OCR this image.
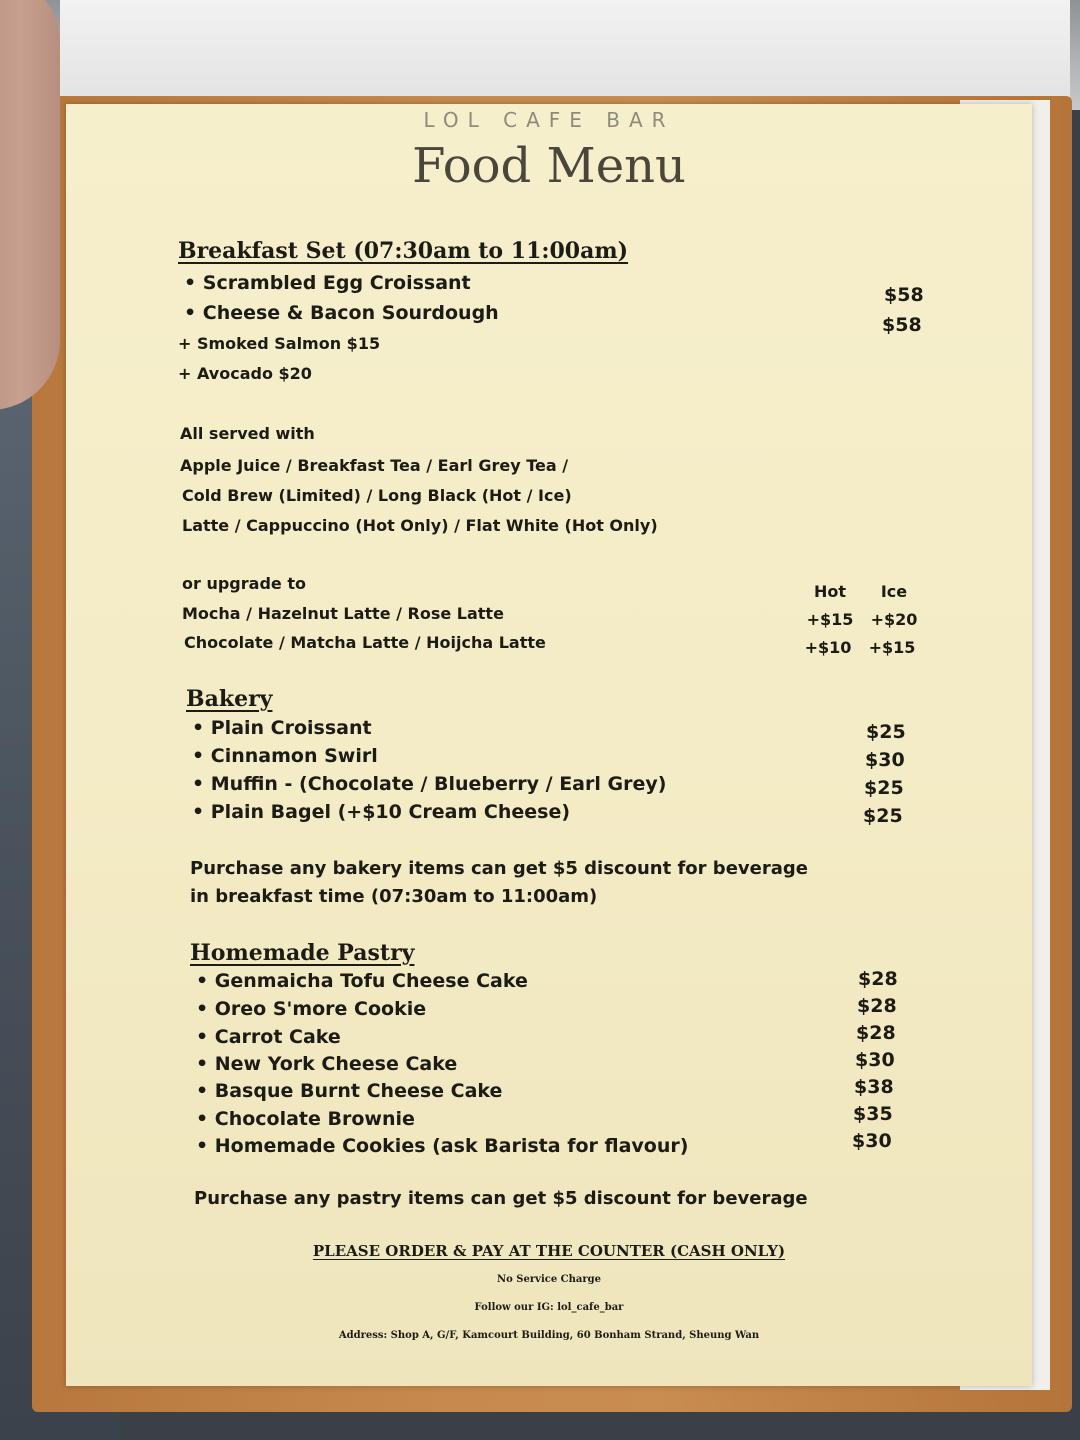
LOL CAFE BAR
Food Menu
Breakfast Set (07:30am to 11:00am)
• Scrambled Egg Croissant
$58
• Cheese & Bacon Sourdough
$58
+ Smoked Salmon $15
+ Avocado $20
All served with
Apple Juice / Breakfast Tea / Earl Grey Tea /
Cold Brew (Limited) / Long Black (Hot / Ice)
Latte / Cappuccino (Hot Only) / Flat White (Hot Only)
or upgrade to	Hot	Ice
Mocha / Hazelnut Latte / Rose Latte	+$15	+$20
Chocolate / Matcha Latte / Hoijcha Latte	+$10	+$15
Bakery
• Plain Croissant	$25
• Cinnamon Swirl	$30
• Muffin - (Chocolate / Blueberry / Earl Grey)	$25
• Plain Bagel (+$10 Cream Cheese)	$25
Purchase any bakery items can get $5 discount for beverage
in breakfast time (07:30am to 11:00am)
Homemade Pastry
• Genmaicha Tofu Cheese Cake	$28
• Oreo S'more Cookie	$28
• Carrot Cake	$28
• New York Cheese Cake	$30
• Basque Burnt Cheese Cake	$38
• Chocolate Brownie	$35
• Homemade Cookies (ask Barista for flavour)	$30
Purchase any pastry items can get $5 discount for beverage
PLEASE ORDER & PAY AT THE COUNTER (CASH ONLY)
No Service Charge
Follow our IG: lol_cafe_bar
Address: Shop A, G/F, Kamcourt Building, 60 Bonham Strand, Sheung Wan
